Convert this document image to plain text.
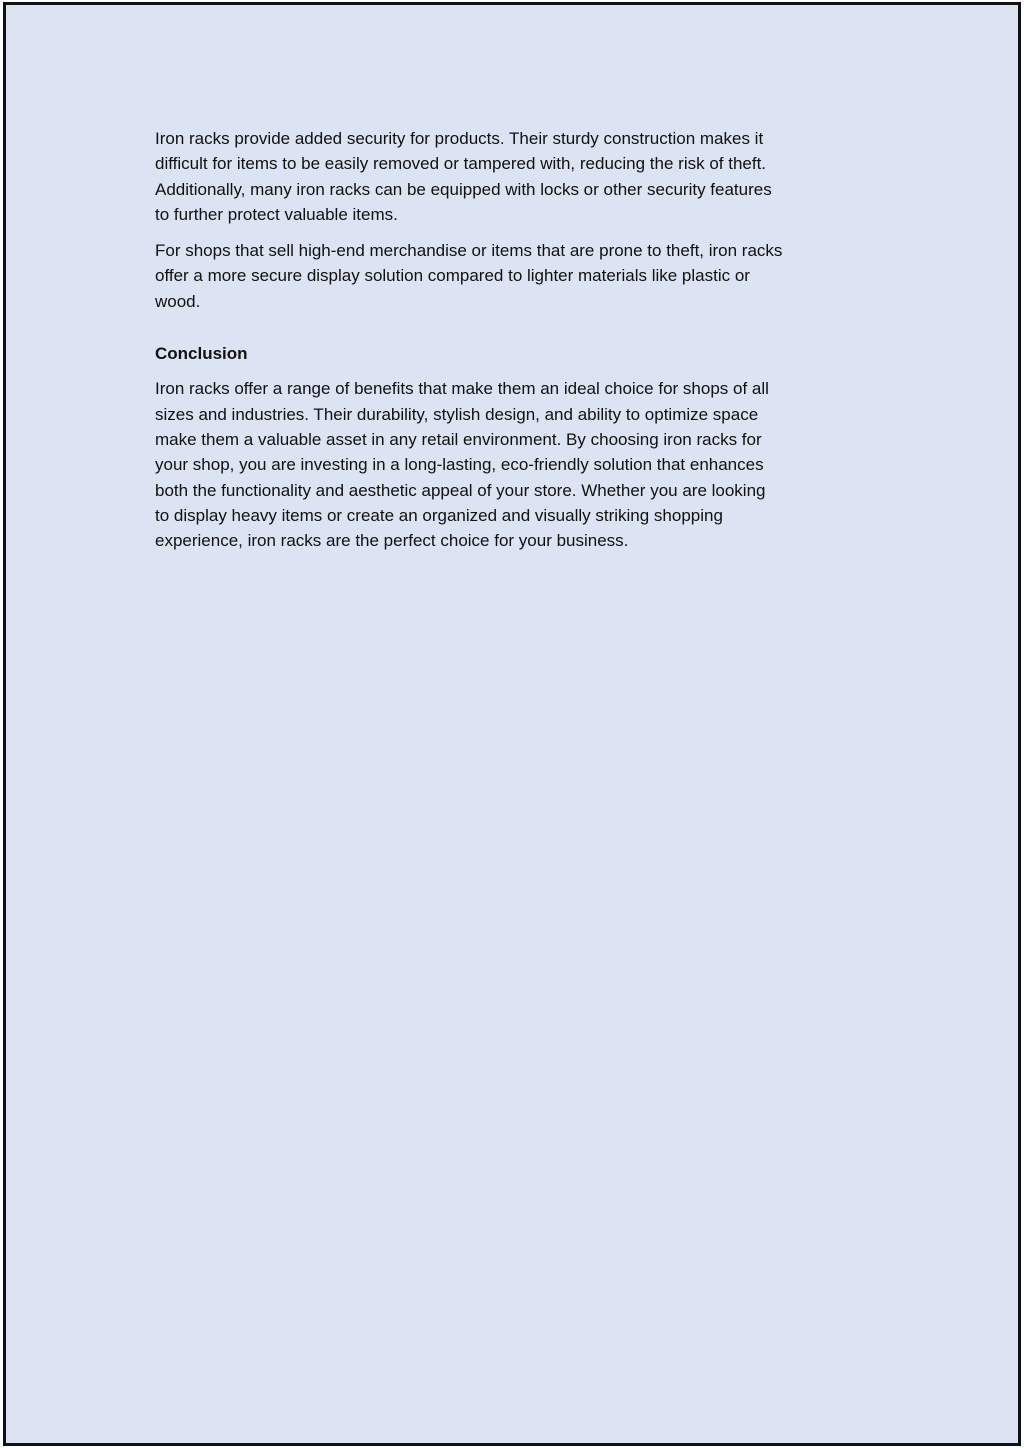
Iron racks provide added security for products. Their sturdy construction makes it
difficult for items to be easily removed or tampered with, reducing the risk of theft.
Additionally, many iron racks can be equipped with locks or other security features
to further protect valuable items.

For shops that sell high-end merchandise or items that are prone to theft, iron racks
offer a more secure display solution compared to lighter materials like plastic or
wood.

Conclusion

Iron racks offer a range of benefits that make them an ideal choice for shops of all
sizes and industries. Their durability, stylish design, and ability to optimize space
make them a valuable asset in any retail environment. By choosing iron racks for
your shop, you are investing in a long-lasting, eco-friendly solution that enhances
both the functionality and aesthetic appeal of your store. Whether you are looking
to display heavy items or create an organized and visually striking shopping
experience, iron racks are the perfect choice for your business.
